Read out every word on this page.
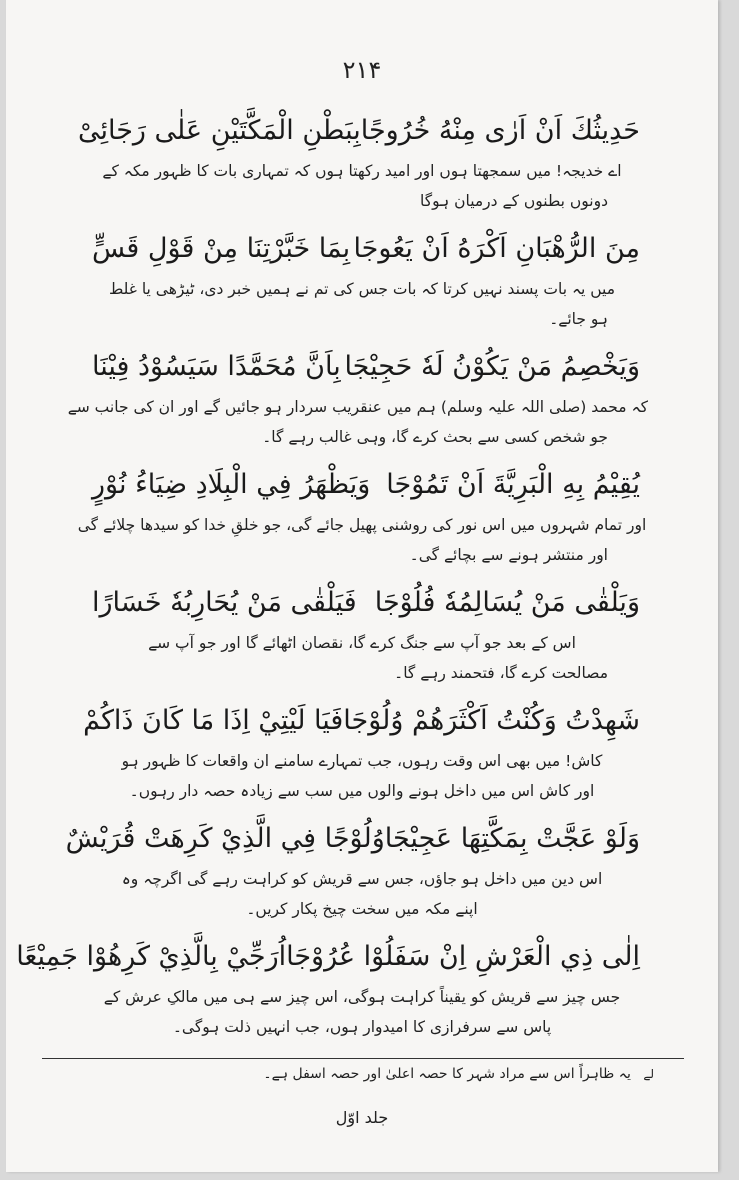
۲۱۴
حَدِيثُكَ اَنْ اَرٰى مِنْهُ خُرُوجًا
بِبَطْنِ الْمَكَّتَيْنِ عَلٰى رَجَائِىْ
اے خدیجہ! میں سمجھتا ہوں اور امید رکھتا ہوں کہ تمہاری بات کا ظہور مکہ کے
دونوں بطنوں کے درمیان ہوگا
مِنَ الرُّهْبَانِ اَكْرَهُ اَنْ يَعُوجَا
بِمَا خَبَّرْتِنَا مِنْ قَوْلِ قَسٍّ
میں یہ بات پسند نہیں کرتا کہ بات جس کی تم نے ہمیں خبر دی، ٹیڑھی یا غلط
ہو جائے۔
وَيَخْصِمُ مَنْ يَكُوْنُ لَهٗ حَجِيْجَا
بِاَنَّ مُحَمَّدًا سَيَسُوْدُ فِيْنَا
کہ محمد (صلی اللہ علیہ وسلم) ہم میں عنقریب سردار ہو جائیں گے اور ان کی جانب سے
جو شخص کسی سے بحث کرے گا، وہی غالب رہے گا۔
يُقِيْمُ بِهِ الْبَرِيَّةَ اَنْ تَمُوْجَا
وَيَظْهَرُ فِي الْبِلَادِ ضِيَاءُ نُوْرٍ
اور تمام شہروں میں اس نور کی روشنی پھیل جائے گی، جو خلقِ خدا کو سیدھا چلائے گی
اور منتشر ہونے سے بچائے گی۔
وَيَلْقٰى مَنْ يُسَالِمُهٗ فُلُوْجَا
فَيَلْقٰى مَنْ يُحَارِبُهٗ خَسَارًا
اس کے بعد جو آپ سے جنگ کرے گا، نقصان اٹھائے گا اور جو آپ سے
مصالحت کرے گا، فتحمند رہے گا۔
شَهِدْتُ وَكُنْتُ اَكْثَرَهُمْ وُلُوْجَا
فَيَا لَيْتِيْ اِذَا مَا كَانَ ذَاكُمْ
کاش! میں بھی اس وقت رہوں، جب تمہارے سامنے ان واقعات کا ظہور ہو
اور کاش اس میں داخل ہونے والوں میں سب سے زیادہ حصہ دار رہوں۔
وَلَوْ عَجَّتْ بِمَكَّتِهَا عَجِيْجَا
وُلُوْجًا فِي الَّذِيْ كَرِهَتْ قُرَيْشٌ
اس دین میں داخل ہو جاؤں، جس سے قریش کو کراہت رہے گی اگرچہ وہ
اپنے مکہ میں سخت چیخ پکار کریں۔
اِلٰى ذِي الْعَرْشِ اِنْ سَفَلُوْا عُرُوْجَا
اُرَجِّيْ بِالَّذِيْ كَرِهُوْا جَمِيْعًا
جس چیز سے قریش کو یقیناً کراہت ہوگی، اس چیز سے ہی میں مالکِ عرش کے
پاس سے سرفرازی کا امیدوار ہوں، جب انہیں ذلت ہوگی۔
لے یہ ظاہراً اس سے مراد شہر کا حصہ اعلیٰ اور حصہ اسفل ہے۔
جلد اوّل
